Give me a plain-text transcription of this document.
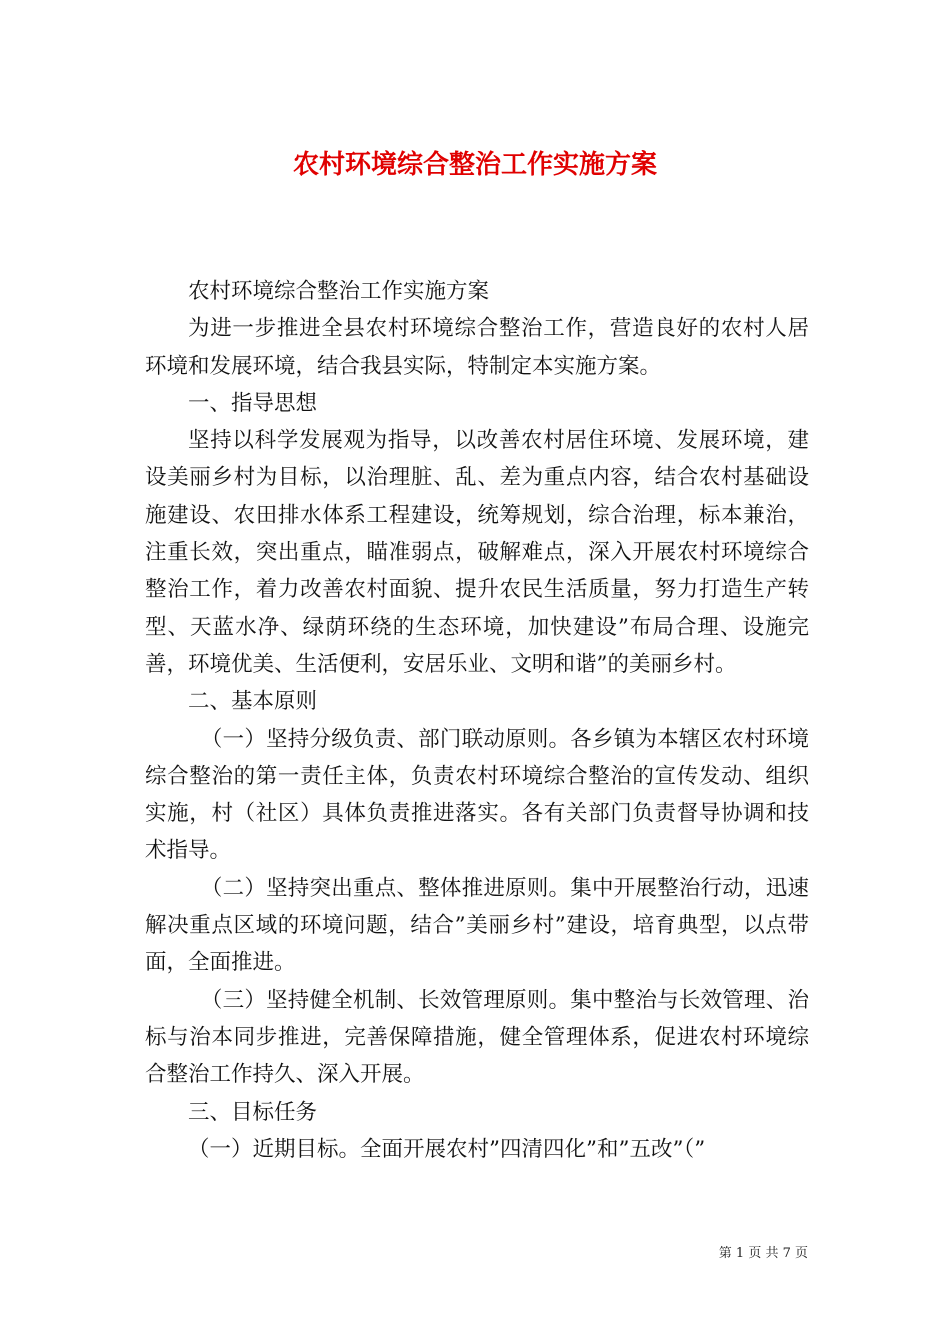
农村环境综合整治工作实施方案

农村环境综合整治工作实施方案

为进一步推进全县农村环境综合整治工作，营造良好的农村人居环境和发展环境，结合我县实际，特制定本实施方案。

一、指导思想

坚持以科学发展观为指导，以改善农村居住环境、发展环境，建设美丽乡村为目标，以治理脏、乱、差为重点内容，结合农村基础设施建设、农田排水体系工程建设，统筹规划，综合治理，标本兼治，注重长效，突出重点，瞄准弱点，破解难点，深入开展农村环境综合整治工作，着力改善农村面貌、提升农民生活质量，努力打造生产转型、天蓝水净、绿荫环绕的生态环境，加快建设”布局合理、设施完善，环境优美、生活便利，安居乐业、文明和谐”的美丽乡村。

二、基本原则

（一）坚持分级负责、部门联动原则。各乡镇为本辖区农村环境综合整治的第一责任主体，负责农村环境综合整治的宣传发动、组织实施，村（社区）具体负责推进落实。各有关部门负责督导协调和技术指导。

（二）坚持突出重点、整体推进原则。集中开展整治行动，迅速解决重点区域的环境问题，结合”美丽乡村”建设，培育典型，以点带面，全面推进。

（三）坚持健全机制、长效管理原则。集中整治与长效管理、治标与治本同步推进，完善保障措施，健全管理体系，促进农村环境综合整治工作持久、深入开展。

三、目标任务

（一）近期目标。全面开展农村”四清四化”和”五改”（”

第 1 页 共 7 页
